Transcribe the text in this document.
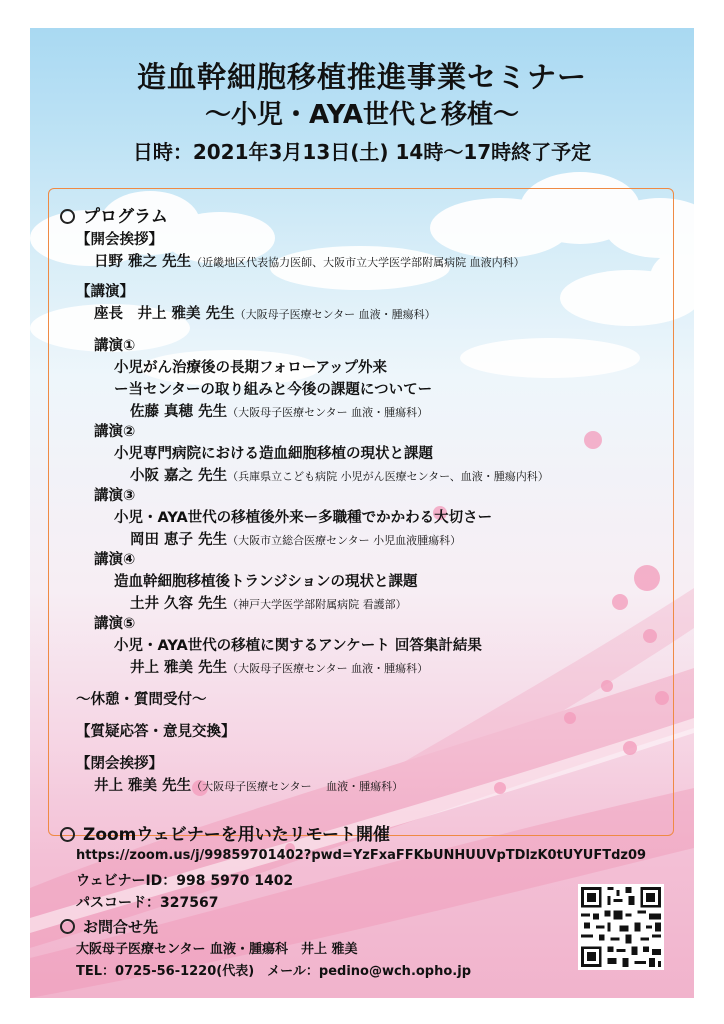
造血幹細胞移植推進事業セミナー
〜小児・AYA世代と移植〜
日時：2021年3月13日(土) 14時〜17時終了予定
プログラム
【開会挨拶】
日野 雅之 先生（近畿地区代表協力医師、大阪市立大学医学部附属病院 血液内科）
【講演】
座長　井上 雅美 先生（大阪母子医療センター 血液・腫瘍科）
講演①
小児がん治療後の長期フォローアップ外来
ー当センターの取り組みと今後の課題についてー
佐藤 真穂 先生（大阪母子医療センター 血液・腫瘍科）
講演②
小児専門病院における造血細胞移植の現状と課題
小阪 嘉之 先生（兵庫県立こども病院 小児がん医療センター、血液・腫瘍内科）
講演③
小児・AYA世代の移植後外来ー多職種でかかわる大切さー
岡田 恵子 先生（大阪市立総合医療センター 小児血液腫瘍科）
講演④
造血幹細胞移植後トランジションの現状と課題
土井 久容 先生（神戸大学医学部附属病院 看護部）
講演⑤
小児・AYA世代の移植に関するアンケート 回答集計結果
井上 雅美 先生（大阪母子医療センター 血液・腫瘍科）
〜休憩・質問受付〜
【質疑応答・意見交換】
【閉会挨拶】
井上 雅美 先生（大阪母子医療センター　 血液・腫瘍科）
Zoomウェビナーを用いたリモート開催
https://zoom.us/j/99859701402?pwd=YzFxaFFKbUNHUUVpTDlzK0tUYUFTdz09
ウェビナーID：998 5970 1402
パスコード：327567
お問合せ先
大阪母子医療センター 血液・腫瘍科　井上 雅美
TEL：0725-56-1220(代表)　メール：pedino@wch.opho.jp
